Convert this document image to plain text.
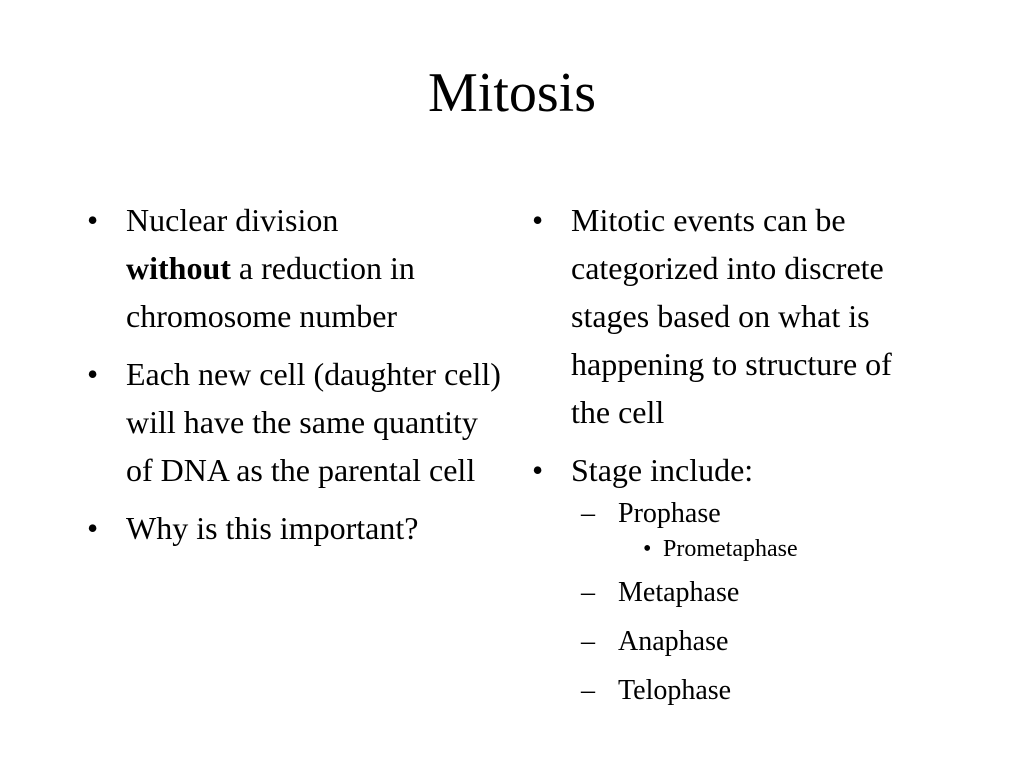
Mitosis
• Nuclear division
without a reduction in chromosome number
• Each new cell (daughter cell) will have the same quantity of DNA as the parental cell
• Why is this important?
• Mitotic events can be categorized into discrete stages based on what is happening to structure of the cell
• Stage include:
– Prophase
• Prometaphase
– Metaphase
– Anaphase
– Telophase
